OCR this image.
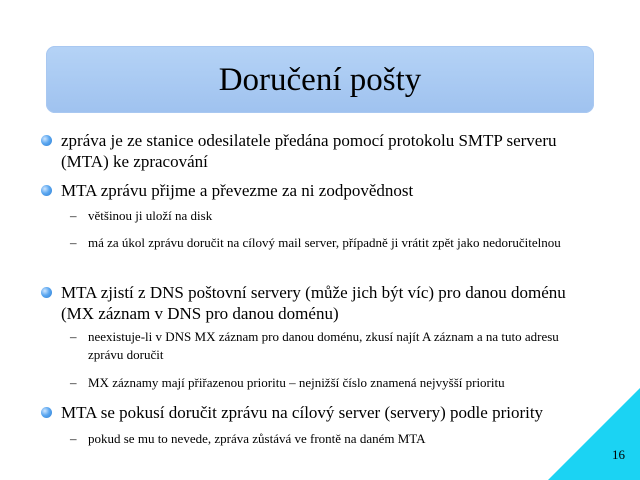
Doručení pošty
zpráva je ze stanice odesilatele předána pomocí protokolu SMTP serveru (MTA) ke zpracování
MTA zprávu přijme a převezme za ni zodpovědnost
– většinou ji uloží na disk
– má za úkol zprávu doručit na cílový mail server, případně ji vrátit zpět jako nedoručitelnou
MTA zjistí z DNS poštovní servery (může jich být víc) pro danou doménu (MX záznam v DNS pro danou doménu)
– neexistuje-li v DNS MX záznam pro danou doménu, zkusí najít A záznam a na tuto adresu zprávu doručit
– MX záznamy mají přiřazenou prioritu – nejnižší číslo znamená nejvyšší prioritu
MTA se pokusí doručit zprávu na cílový server (servery) podle priority
– pokud se mu to nevede, zpráva zůstává ve frontě na daném MTA
16
